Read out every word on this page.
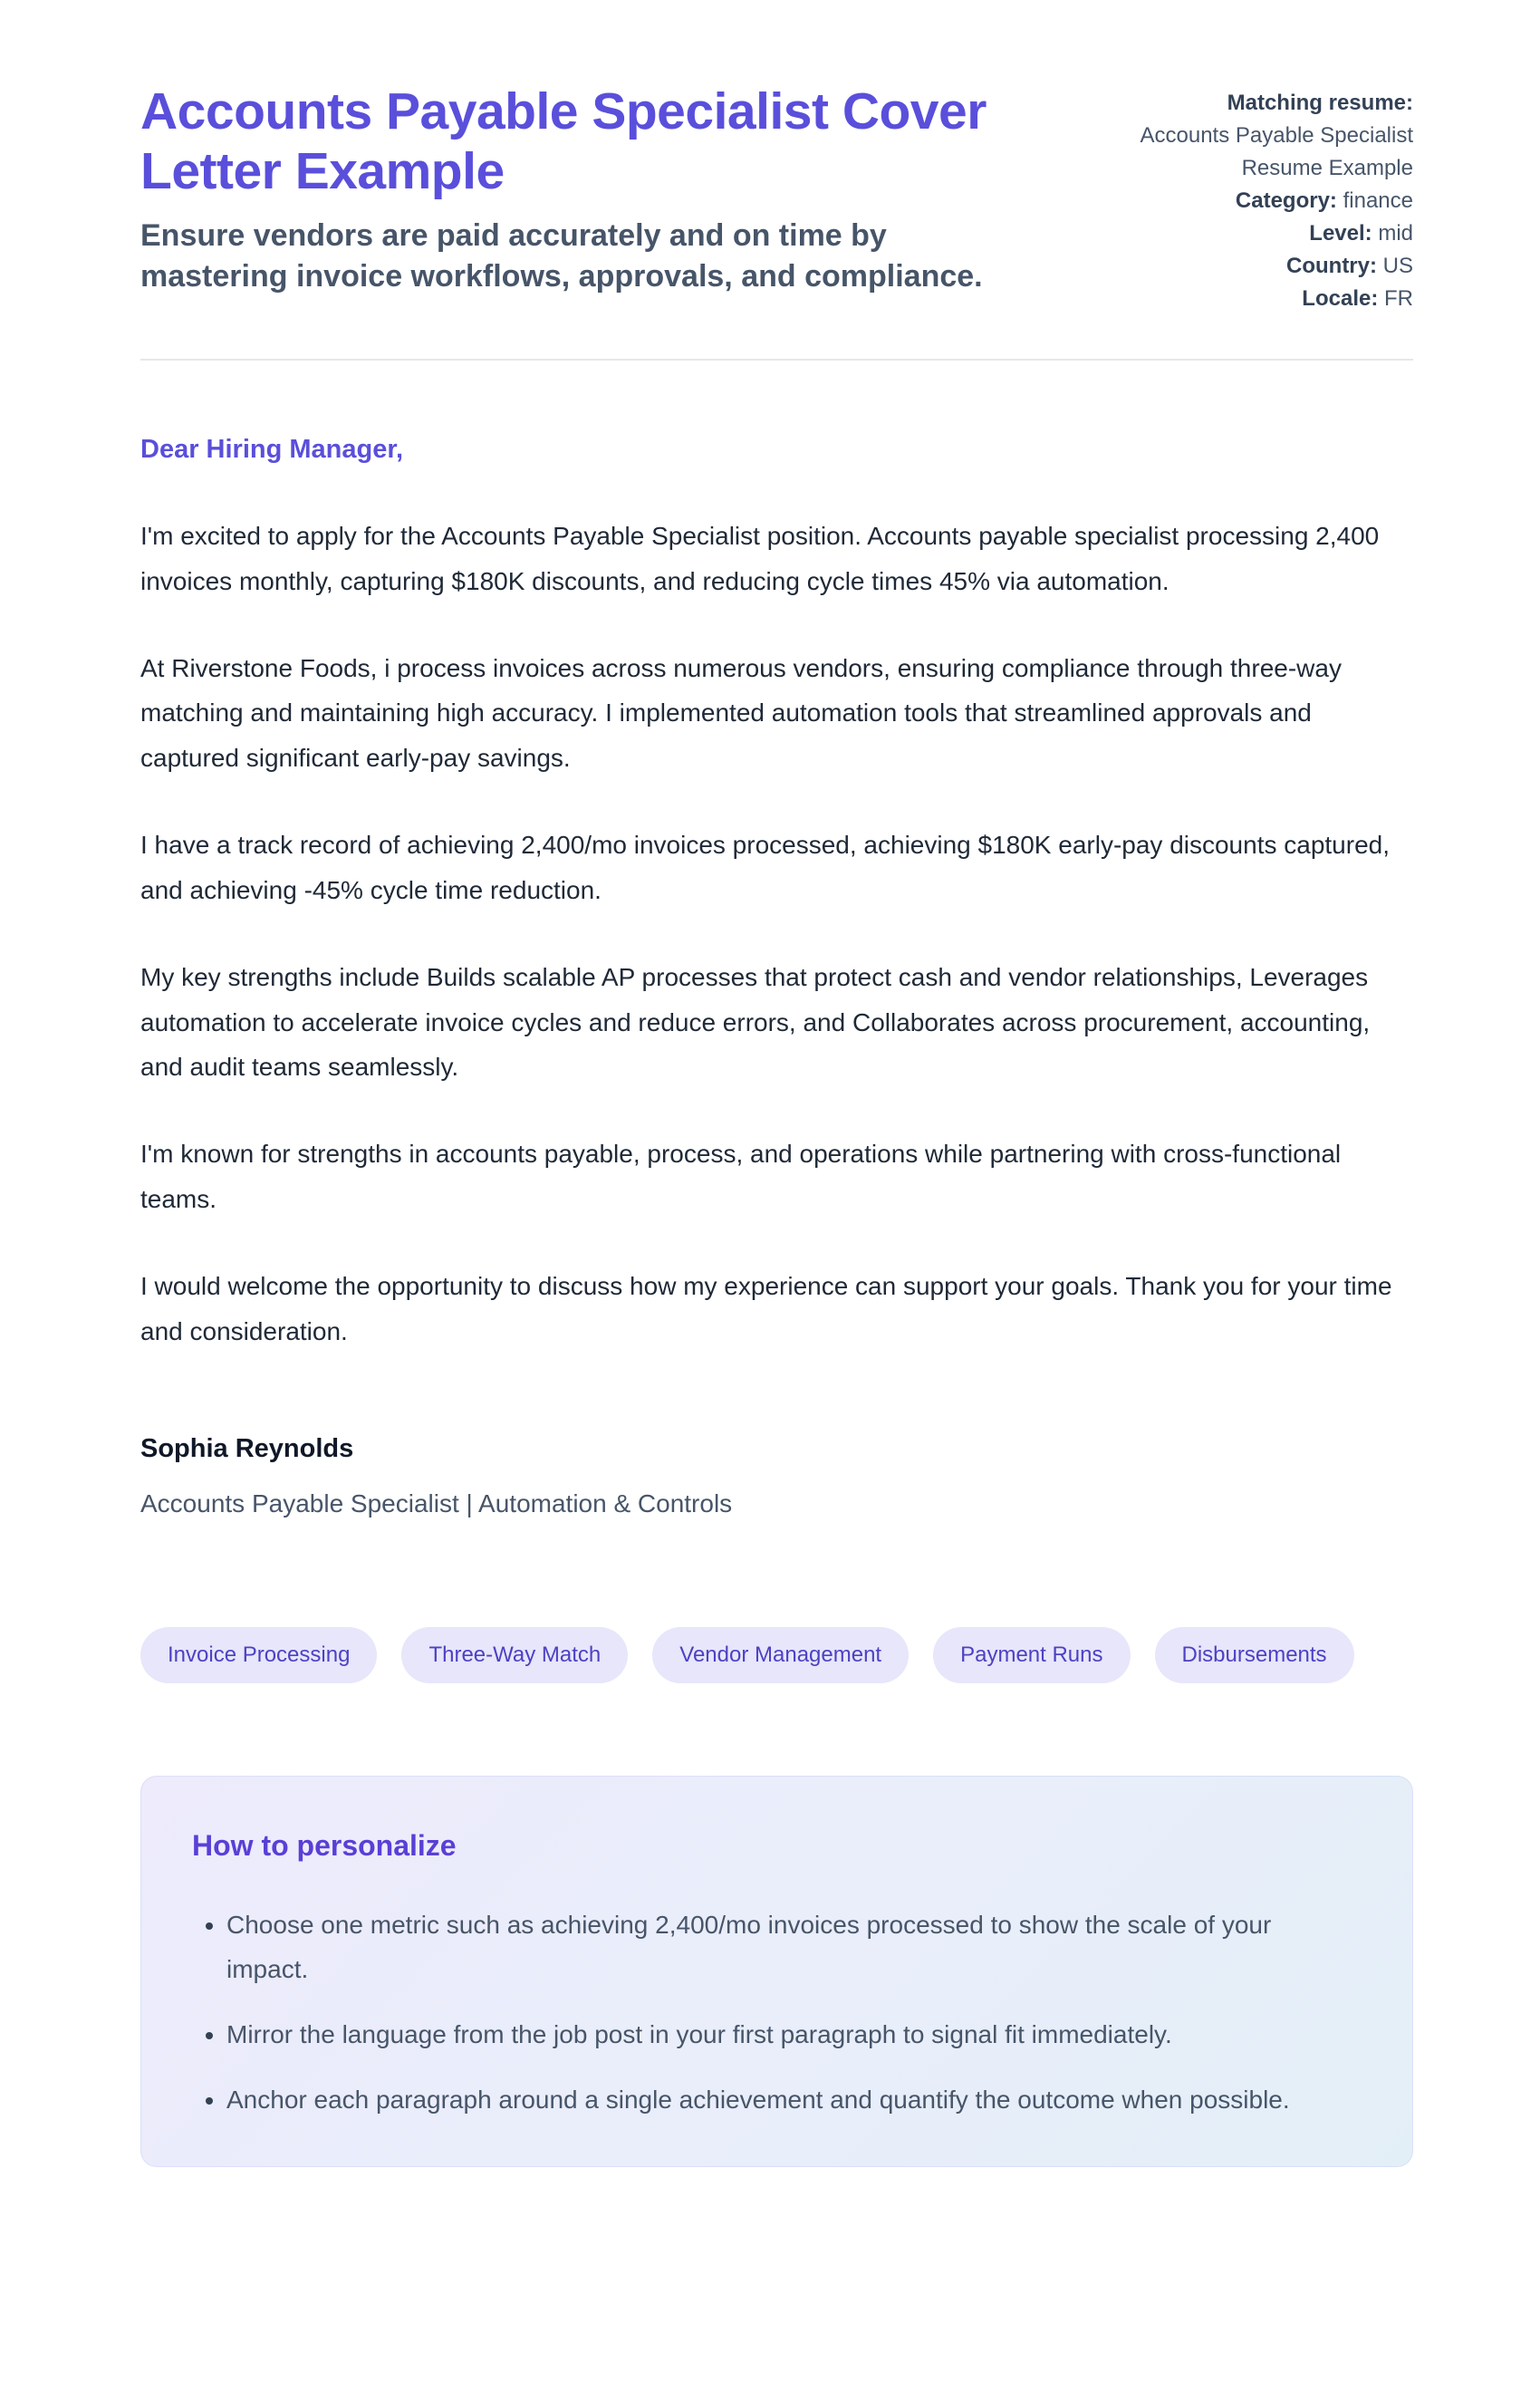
Accounts Payable Specialist Cover Letter Example

Ensure vendors are paid accurately and on time by mastering invoice workflows, approvals, and compliance.

Matching resume:
Accounts Payable Specialist Resume Example
Category: finance
Level: mid
Country: US
Locale: FR

Dear Hiring Manager,

I'm excited to apply for the Accounts Payable Specialist position. Accounts payable specialist processing 2,400 invoices monthly, capturing $180K discounts, and reducing cycle times 45% via automation.

At Riverstone Foods, i process invoices across numerous vendors, ensuring compliance through three-way matching and maintaining high accuracy. I implemented automation tools that streamlined approvals and captured significant early-pay savings.

I have a track record of achieving 2,400/mo invoices processed, achieving $180K early-pay discounts captured, and achieving -45% cycle time reduction.

My key strengths include Builds scalable AP processes that protect cash and vendor relationships, Leverages automation to accelerate invoice cycles and reduce errors, and Collaborates across procurement, accounting, and audit teams seamlessly.

I'm known for strengths in accounts payable, process, and operations while partnering with cross-functional teams.

I would welcome the opportunity to discuss how my experience can support your goals. Thank you for your time and consideration.

Sophia Reynolds

Accounts Payable Specialist | Automation & Controls

Invoice Processing	Three-Way Match	Vendor Management	Payment Runs	Disbursements
How to personalize
• Choose one metric such as achieving 2,400/mo invoices processed to show the scale of your impact.
• Mirror the language from the job post in your first paragraph to signal fit immediately.
• Anchor each paragraph around a single achievement and quantify the outcome when possible.
